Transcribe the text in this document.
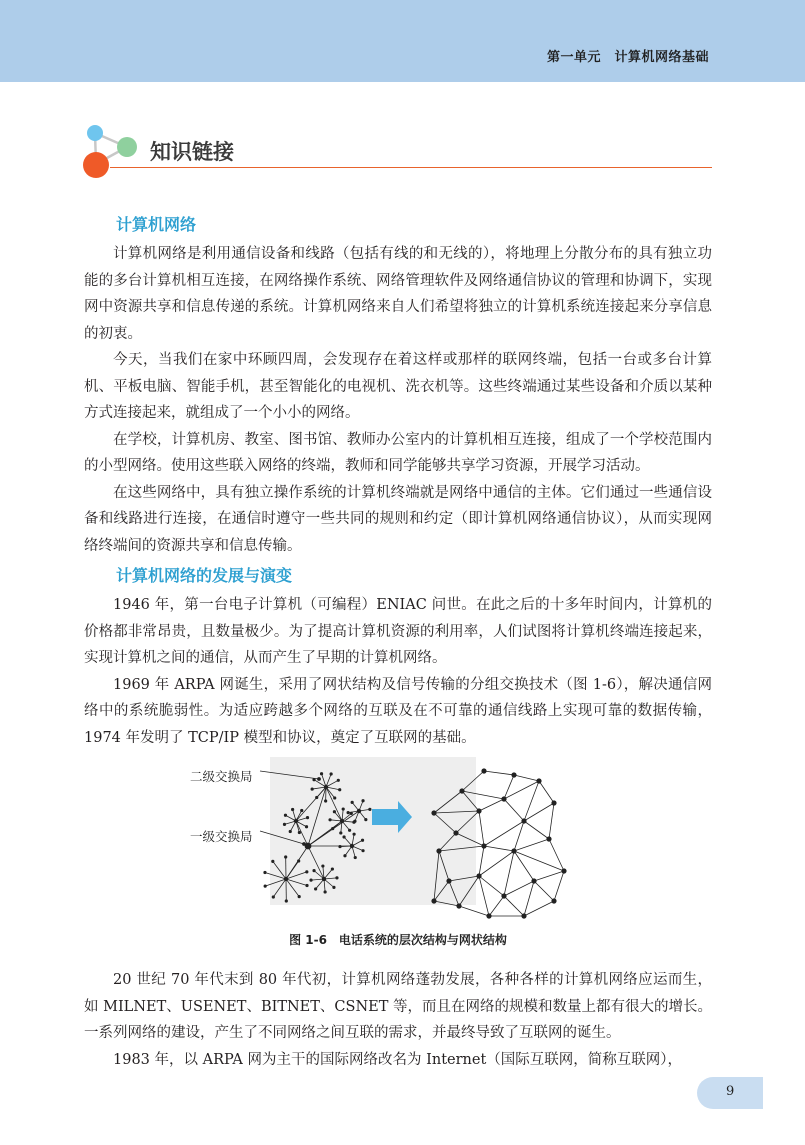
第一单元　计算机网络基础
知识链接
计算机网络

计算机网络是利用通信设备和线路（包括有线的和无线的），将地理上分散分布的具有独立功能的多台计算机相互连接，在网络操作系统、网络管理软件及网络通信协议的管理和协调下，实现网中资源共享和信息传递的系统。计算机网络来自人们希望将独立的计算机系统连接起来分享信息的初衷。

今天，当我们在家中环顾四周，会发现存在着这样或那样的联网终端，包括一台或多台计算机、平板电脑、智能手机，甚至智能化的电视机、洗衣机等。这些终端通过某些设备和介质以某种方式连接起来，就组成了一个小小的网络。

在学校，计算机房、教室、图书馆、教师办公室内的计算机相互连接，组成了一个学校范围内的小型网络。使用这些联入网络的终端，教师和同学能够共享学习资源，开展学习活动。

在这些网络中，具有独立操作系统的计算机终端就是网络中通信的主体。它们通过一些通信设备和线路进行连接，在通信时遵守一些共同的规则和约定（即计算机网络通信协议），从而实现网络终端间的资源共享和信息传输。

计算机网络的发展与演变

1946 年，第一台电子计算机（可编程）ENIAC 问世。在此之后的十多年时间内，计算机的价格都非常昂贵，且数量极少。为了提高计算机资源的利用率，人们试图将计算机终端连接起来，实现计算机之间的通信，从而产生了早期的计算机网络。

1969 年 ARPA 网诞生，采用了网状结构及信号传输的分组交换技术（图 1-6），解决通信网络中的系统脆弱性。为适应跨越多个网络的互联及在不可靠的通信线路上实现可靠的数据传输，1974 年发明了 TCP/IP 模型和协议，奠定了互联网的基础。

二级交换局
一级交换局
图 1-6　电话系统的层次结构与网状结构

20 世纪 70 年代末到 80 年代初，计算机网络蓬勃发展，各种各样的计算机网络应运而生，如 MILNET、USENET、BITNET、CSNET 等，而且在网络的规模和数量上都有很大的增长。一系列网络的建设，产生了不同网络之间互联的需求，并最终导致了互联网的诞生。

1983 年，以 ARPA 网为主干的国际网络改名为 Internet（国际互联网，简称互联网），

9
